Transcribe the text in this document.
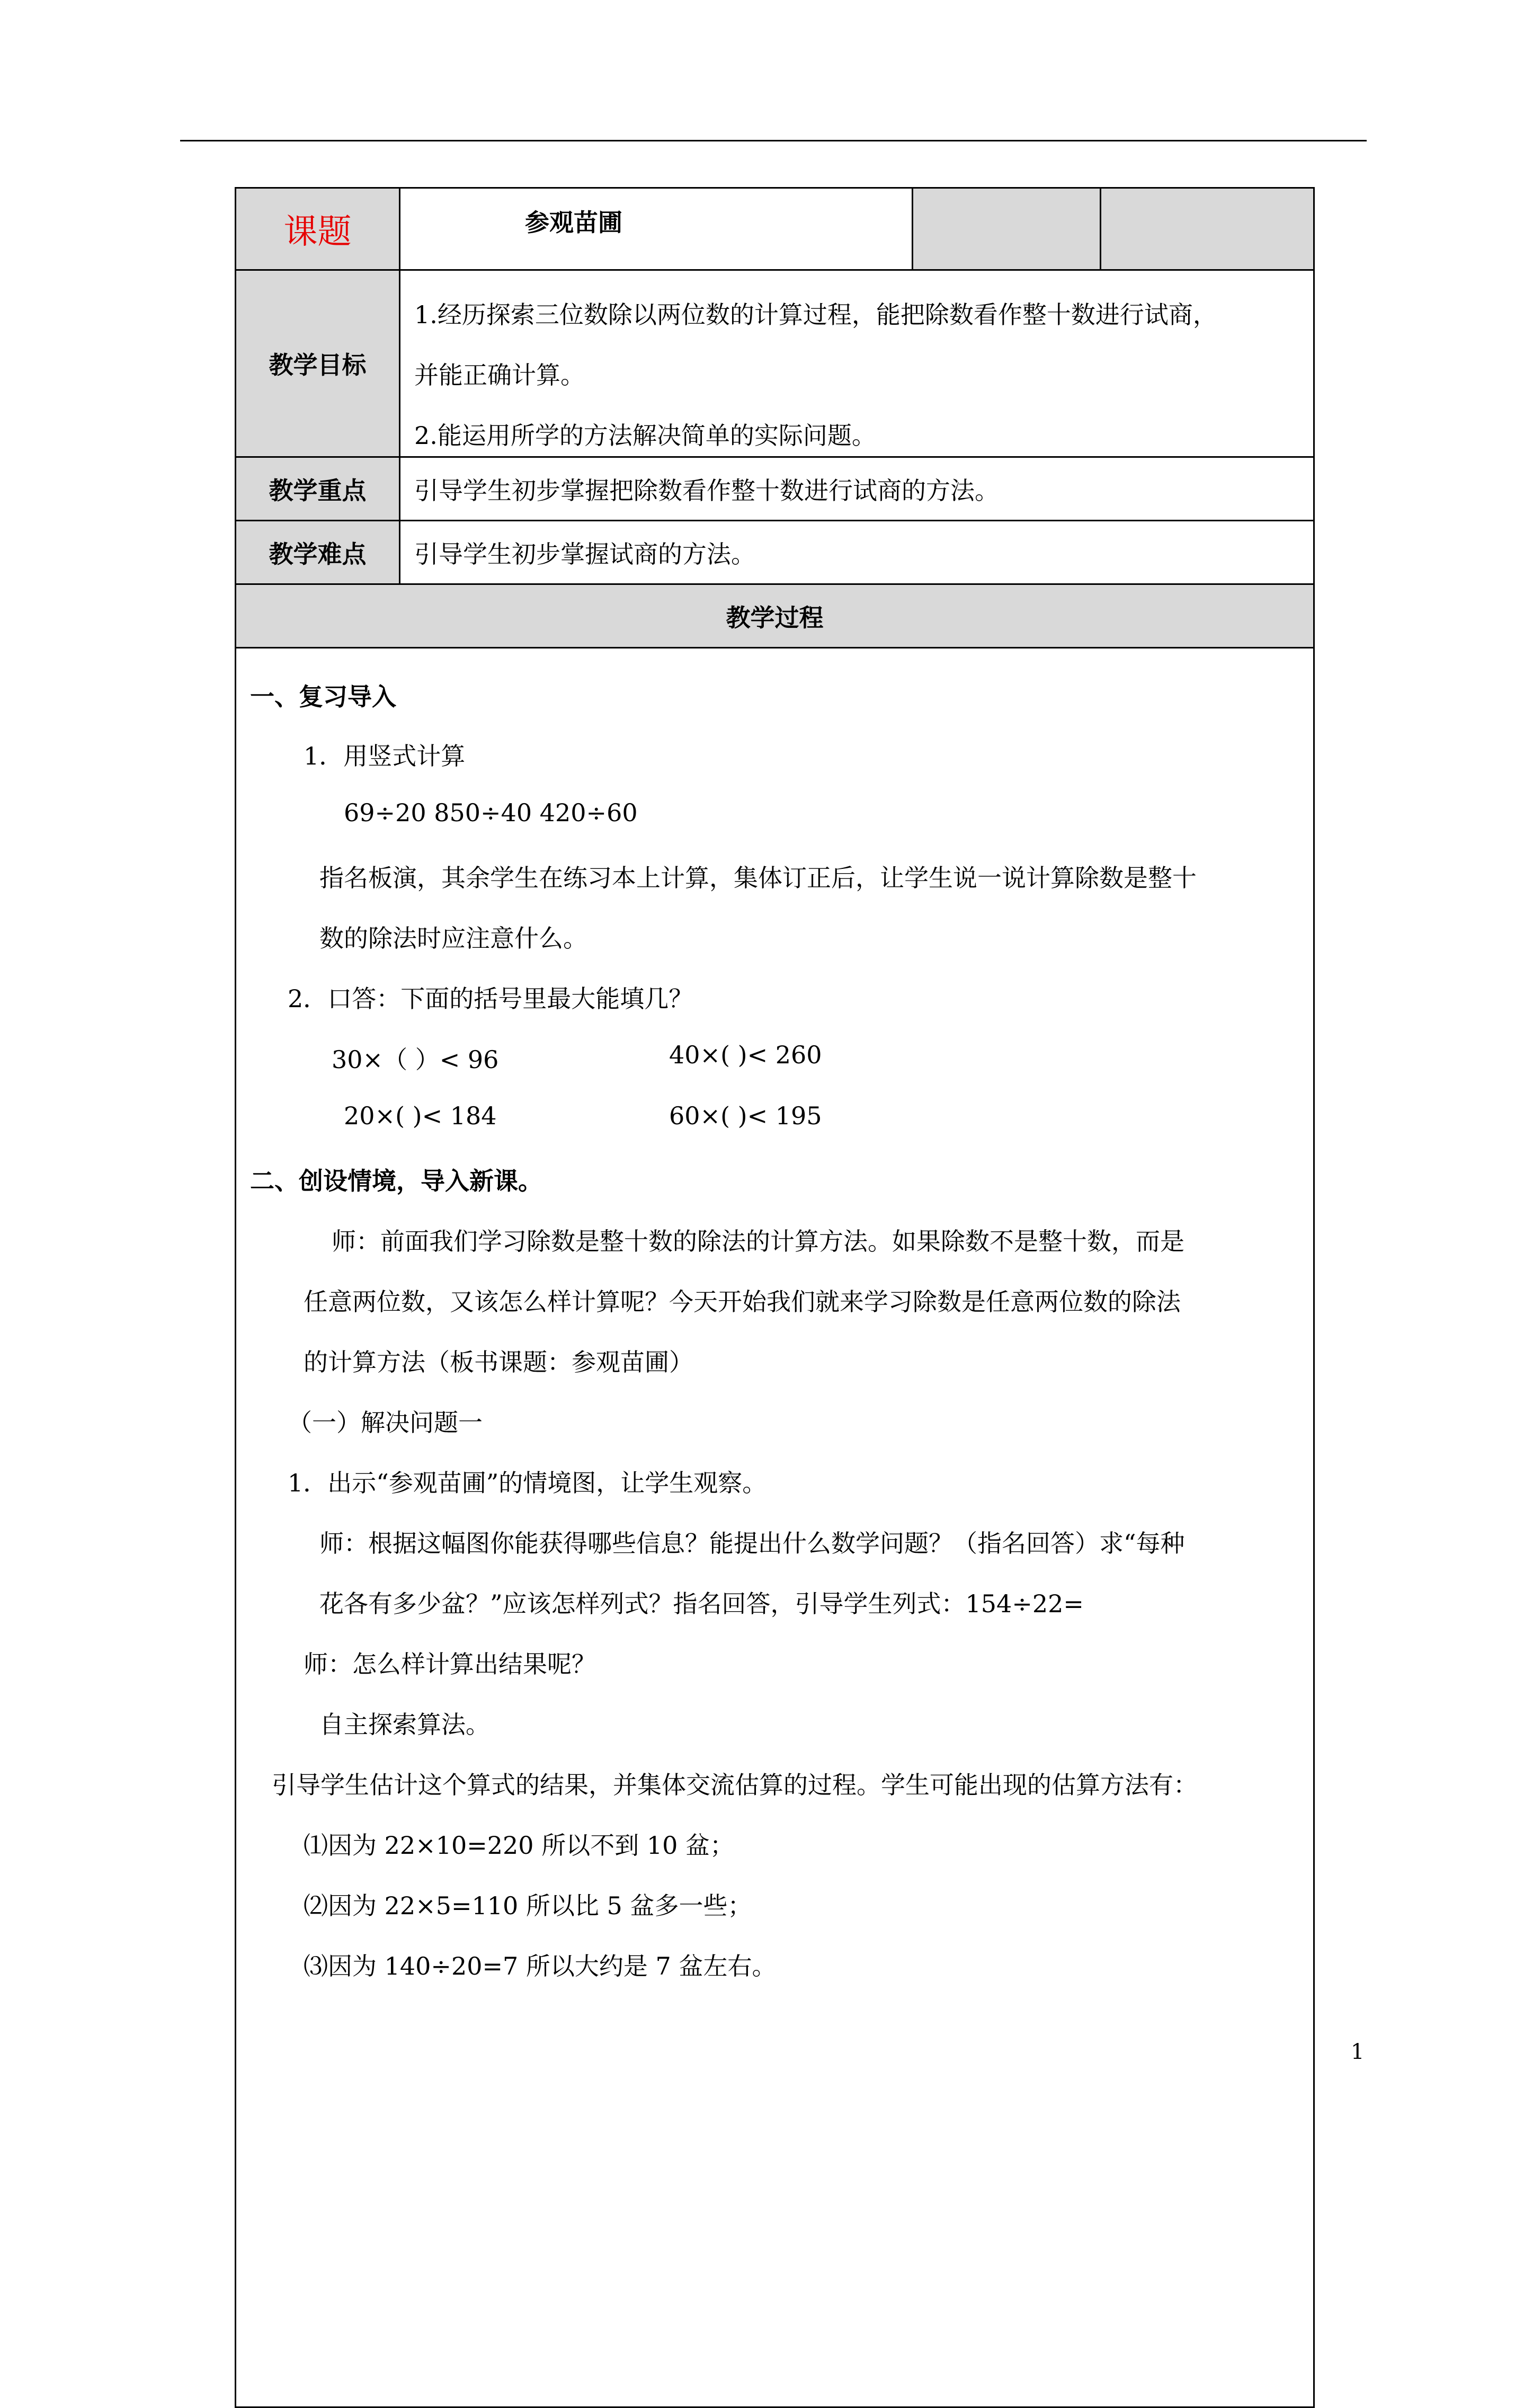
课题	参观苗圃
教学目标

1.经历探索三位数除以两位数的计算过程，能把除数看作整十数进行试商，

并能正确计算。

2.能运用所学的方法解决简单的实际问题。

教学重点	引导学生初步掌握把除数看作整十数进行试商的方法。
教学难点	引导学生初步掌握试商的方法。
教学过程
一、复习导入
1．用竖式计算
69÷20 850÷40 420÷60
指名板演，其余学生在练习本上计算，集体订正后，让学生说一说计算除数是整十
数的除法时应注意什么。
2．口答：下面的括号里最大能填几？
30×（ ）< 96	40×( )< 260
20×( )< 184	60×( )< 195
二、创设情境，导入新课。
师：前面我们学习除数是整十数的除法的计算方法。如果除数不是整十数，而是
任意两位数，又该怎么样计算呢？今天开始我们就来学习除数是任意两位数的除法
的计算方法（板书课题：参观苗圃）
（一）解决问题一
1．出示“参观苗圃”的情境图，让学生观察。
师：根据这幅图你能获得哪些信息？能提出什么数学问题？（指名回答）求“每种
花各有多少盆？”应该怎样列式？指名回答，引导学生列式：154÷22=
师：怎么样计算出结果呢？
自主探索算法。
引导学生估计这个算式的结果，并集体交流估算的过程。学生可能出现的估算方法有：
⑴因为 22×10=220 所以不到 10 盆；
⑵因为 22×5=110 所以比 5 盆多一些；
⑶因为 140÷20=7 所以大约是 7 盆左右。
1
